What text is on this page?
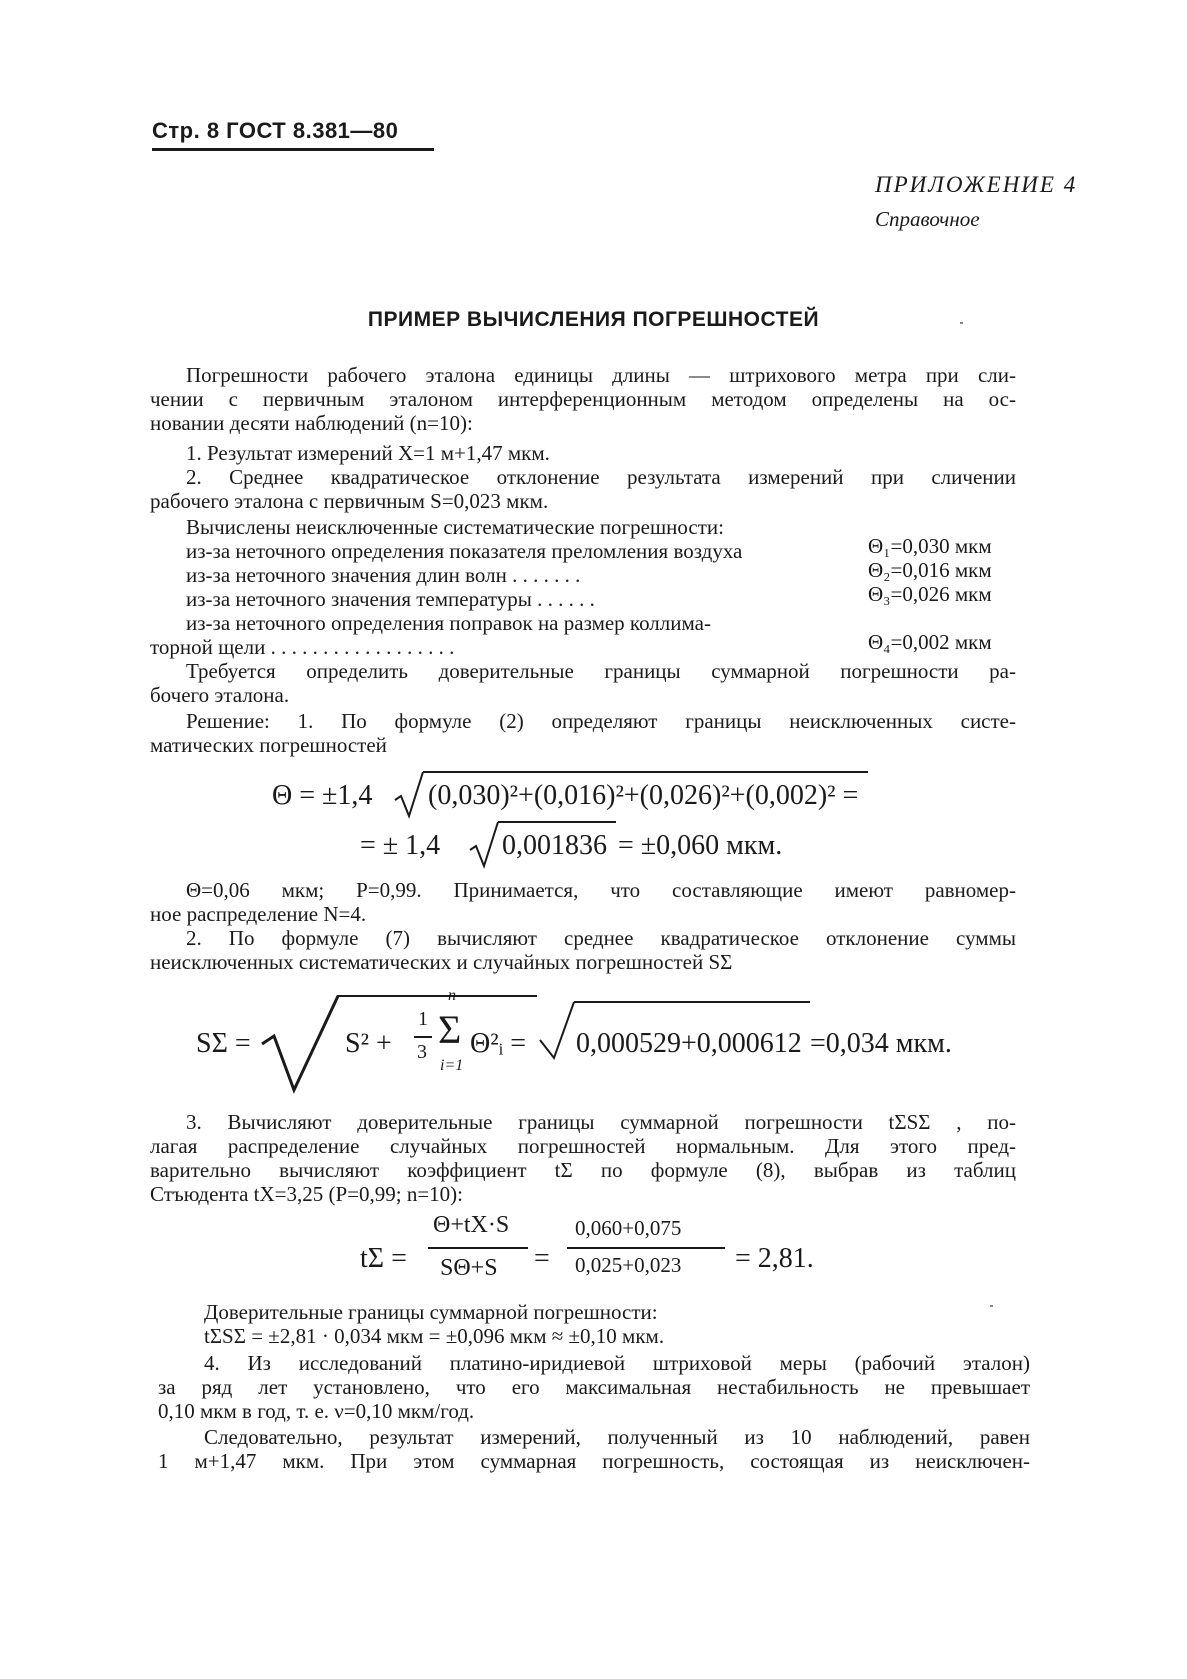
Стр. 8 ГОСТ 8.381—80
ПРИЛОЖЕНИЕ 4
Справочное
ПРИМЕР ВЫЧИСЛЕНИЯ ПОГРЕШНОСТЕЙ
Погрешности рабочего эталона единицы длины — штрихового метра при сли-
чении с первичным эталоном интерференционным методом определены на ос-
новании десяти наблюдений (n=10):
1. Результат измерений X=1 м+1,47 мкм.
2. Среднее квадратическое отклонение результата измерений при сличении
рабочего эталона с первичным S=0,023 мкм.
Вычислены неисключенные систематические погрешности:
из-за неточного определения показателя преломления воздуха	Θ₁=0,030 мкм
из-за неточного значения длин волн . . . . . . .	Θ₂=0,016 мкм
из-за неточного значения температуры . . . . . .	Θ₃=0,026 мкм
из-за неточного определения поправок на размер коллима-
торной щели . . . . . . . . . . . . . . . . . .	Θ₄=0,002 мкм
Требуется определить доверительные границы суммарной погрешности ра-
бочего эталона.
Решение: 1. По формуле (2) определяют границы неисключенных систе-
матических погрешностей
Θ = ±1,4 (0,030)²+(0,016)²+(0,026)²+(0,002)² =
= ± 1,4 0,001836 = ±0,060 мкм.
Θ=0,06 мкм; P=0,99. Принимается, что составляющие имеют равномер-
ное распределение N=4.
2. По формуле (7) вычисляют среднее квадратическое отклонение суммы
неисключенных систематических и случайных погрешностей SΣ
SΣ =	S² +
1
3
n
Σ
i=1
Θ²ᵢ = 0,000529+0,000612 =0,034 мкм.
3. Вычисляют доверительные границы суммарной погрешности tΣSΣ , по-
лагая распределение случайных погрешностей нормальным. Для этого пред-
варительно вычисляют коэффициент tΣ по формуле (8), выбрав из таблиц
Стъюдента tX=3,25 (P=0,99; n=10):
tΣ =
Θ+tX·S
SΘ+S =
0,060+0,075
0,025+0,023 = 2,81.
Доверительные границы суммарной погрешности:
tΣSΣ = ±2,81 · 0,034 мкм = ±0,096 мкм ≈ ±0,10 мкм.
4. Из исследований платино-иридиевой штриховой меры (рабочий эталон)
за ряд лет установлено, что его максимальная нестабильность не превышает
0,10 мкм в год, т. е. ν=0,10 мкм/год.
Следовательно, результат измерений, полученный из 10 наблюдений, равен
1 м+1,47 мкм. При этом суммарная погрешность, состоящая из неисключен-
